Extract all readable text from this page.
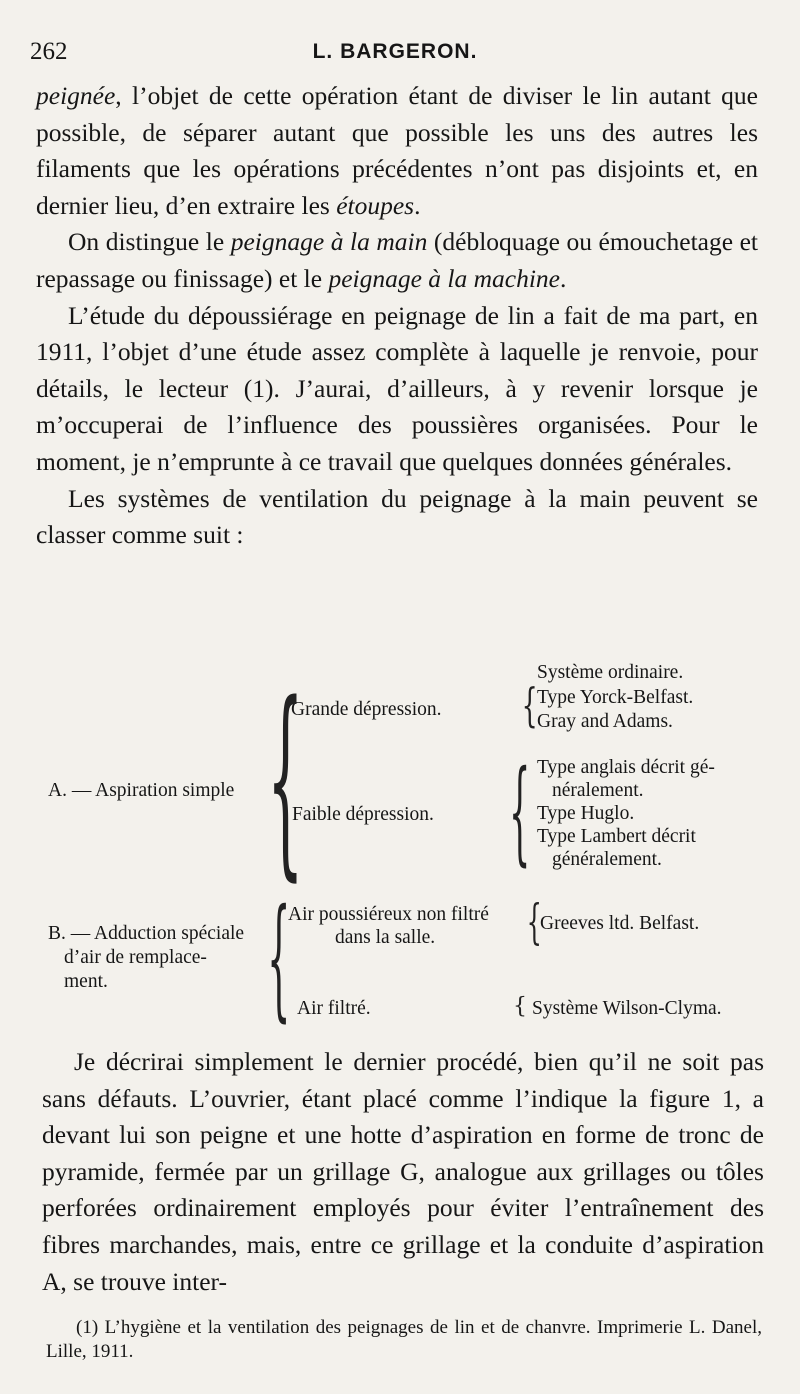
262	L. BARGERON.

peignée, l’objet de cette opération étant de diviser le lin autant que possible, de séparer autant que possible les uns des autres les filaments que les opérations précédentes n’ont pas disjoints et, en dernier lieu, d’en extraire les étoupes.

On distingue le peignage à la main (débloquage ou émouchetage et repassage ou finissage) et le peignage à la machine.

L’étude du dépoussiérage en peignage de lin a fait de ma part, en 1911, l’objet d’une étude assez complète à laquelle je renvoie, pour détails, le lecteur (1). J’aurai, d’ailleurs, à y revenir lorsque je m’occuperai de l’influence des poussières organisées. Pour le moment, je n’emprunte à ce travail que quelques données générales.

Les systèmes de ventilation du peignage à la main peuvent se classer comme suit :

Système ordinaire.
{ Type Yorck-Belfast.
Gray and Adams.
Grande dépression.
{
A. — Aspiration simple { Type anglais décrit gé-
néralement.
Type Huglo.
Type Lambert décrit
généralement.
Faible dépression.
Air poussiéreux non filtré
dans la salle. {
Greeves ltd. Belfast.
{
B. — Adduction spéciale
d’air de remplace-
ment.
Air filtré.	{ Système Wilson-Clyma.

Je décrirai simplement le dernier procédé, bien qu’il ne soit pas sans défauts. L’ouvrier, étant placé comme l’indique la figure 1, a devant lui son peigne et une hotte d’aspiration en forme de tronc de pyramide, fermée par un grillage G, analogue aux grillages ou tôles perforées ordinairement employés pour éviter l’entraînement des fibres marchandes, mais, entre ce grillage et la conduite d’aspiration A, se trouve inter-

(1) L’hygiène et la ventilation des peignages de lin et de chanvre. Imprimerie L. Danel, Lille, 1911.
